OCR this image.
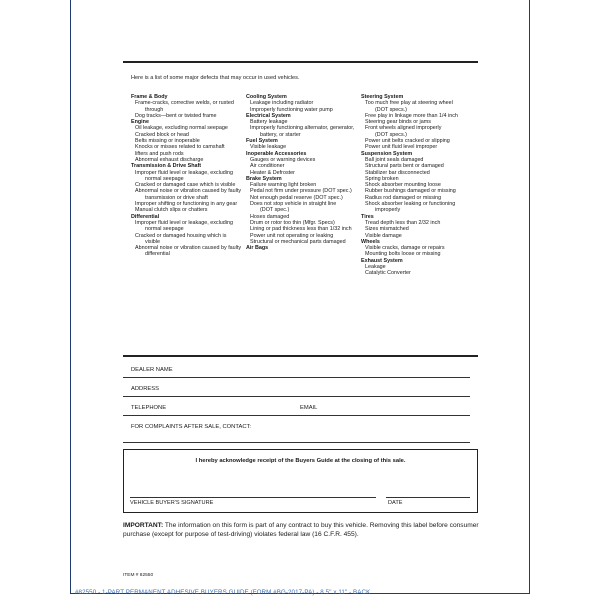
Here is a list of some major defects that may occur in used vehicles.
Frame & Body
Frame-cracks, corrective welds, or rusted
through
Dog tracks—bent or twisted frame
Engine
Oil leakage, excluding normal seepage
Cracked block or head
Belts missing or inoperable
Knocks or misses related to camshaft
lifters and push rods
Abnormal exhaust discharge
Transmission & Drive Shaft
Improper fluid level or leakage, excluding
normal seepage
Cracked or damaged case which is visible
Abnormal noise or vibration caused by faulty
transmission or drive shaft
Improper shifting or functioning in any gear
Manual clutch slips or chatters
Differential
Improper fluid level or leakage, excluding
normal seepage
Cracked or damaged housing which is
visible
Abnormal noise or vibration caused by faulty
differential
Cooling System
Leakage including radiator
Improperly functioning water pump
Electrical System
Battery leakage
Improperly functioning alternator, generator,
battery, or starter
Fuel System
Visible leakage
Inoperable Accessories
Gauges or warning devices
Air conditioner
Heater & Defroster
Brake System
Failure warning light broken
Pedal not firm under pressure (DOT spec.)
Not enough pedal reserve (DOT spec.)
Does not stop vehicle in straight line
(DOT spec.)
Hoses damaged
Drum or rotor too thin (Mfgr. Specs)
Lining or pad thickness less than 1/32 inch
Power unit not operating or leaking
Structural or mechanical parts damaged
Air Bags
Steering System
Too much free play at steering wheel
(DOT specs.)
Free play in linkage more than 1/4 inch
Steering gear binds or jams
Front wheels aligned improperly
(DOT specs.)
Power unit belts cracked or slipping
Power unit fluid level improper
Suspension System
Ball joint seals damaged
Structural parts bent or damaged
Stabilizer bar disconnected
Spring broken
Shock absorber mounting loose
Rubber bushings damaged or missing
Radius rod damaged or missing
Shock absorber leaking or functioning
improperly
Tires
Tread depth less than 2/32 inch
Sizes mismatched
Visible damage
Wheels
Visible cracks, damage or repairs
Mounting bolts loose or missing
Exhaust System
Leakage
Catalytic Converter
DEALER NAME
ADDRESS
TELEPHONE	EMAIL
FOR COMPLAINTS AFTER SALE, CONTACT:
I hereby acknowledge receipt of the Buyers Guide at the closing of this sale.
VEHICLE BUYER'S SIGNATURE	DATE
IMPORTANT: The information on this form is part of any contract to buy this vehicle. Removing this label before consumer purchase (except for purpose of test-driving) violates federal law (16 C.F.R. 455).
ITEM # 82550
#82550 - 1-PART PERMANENT ADHESIVE BUYERS GUIDE (FORM #BG-2017-PA) - 8.5" x 11" - BACK
